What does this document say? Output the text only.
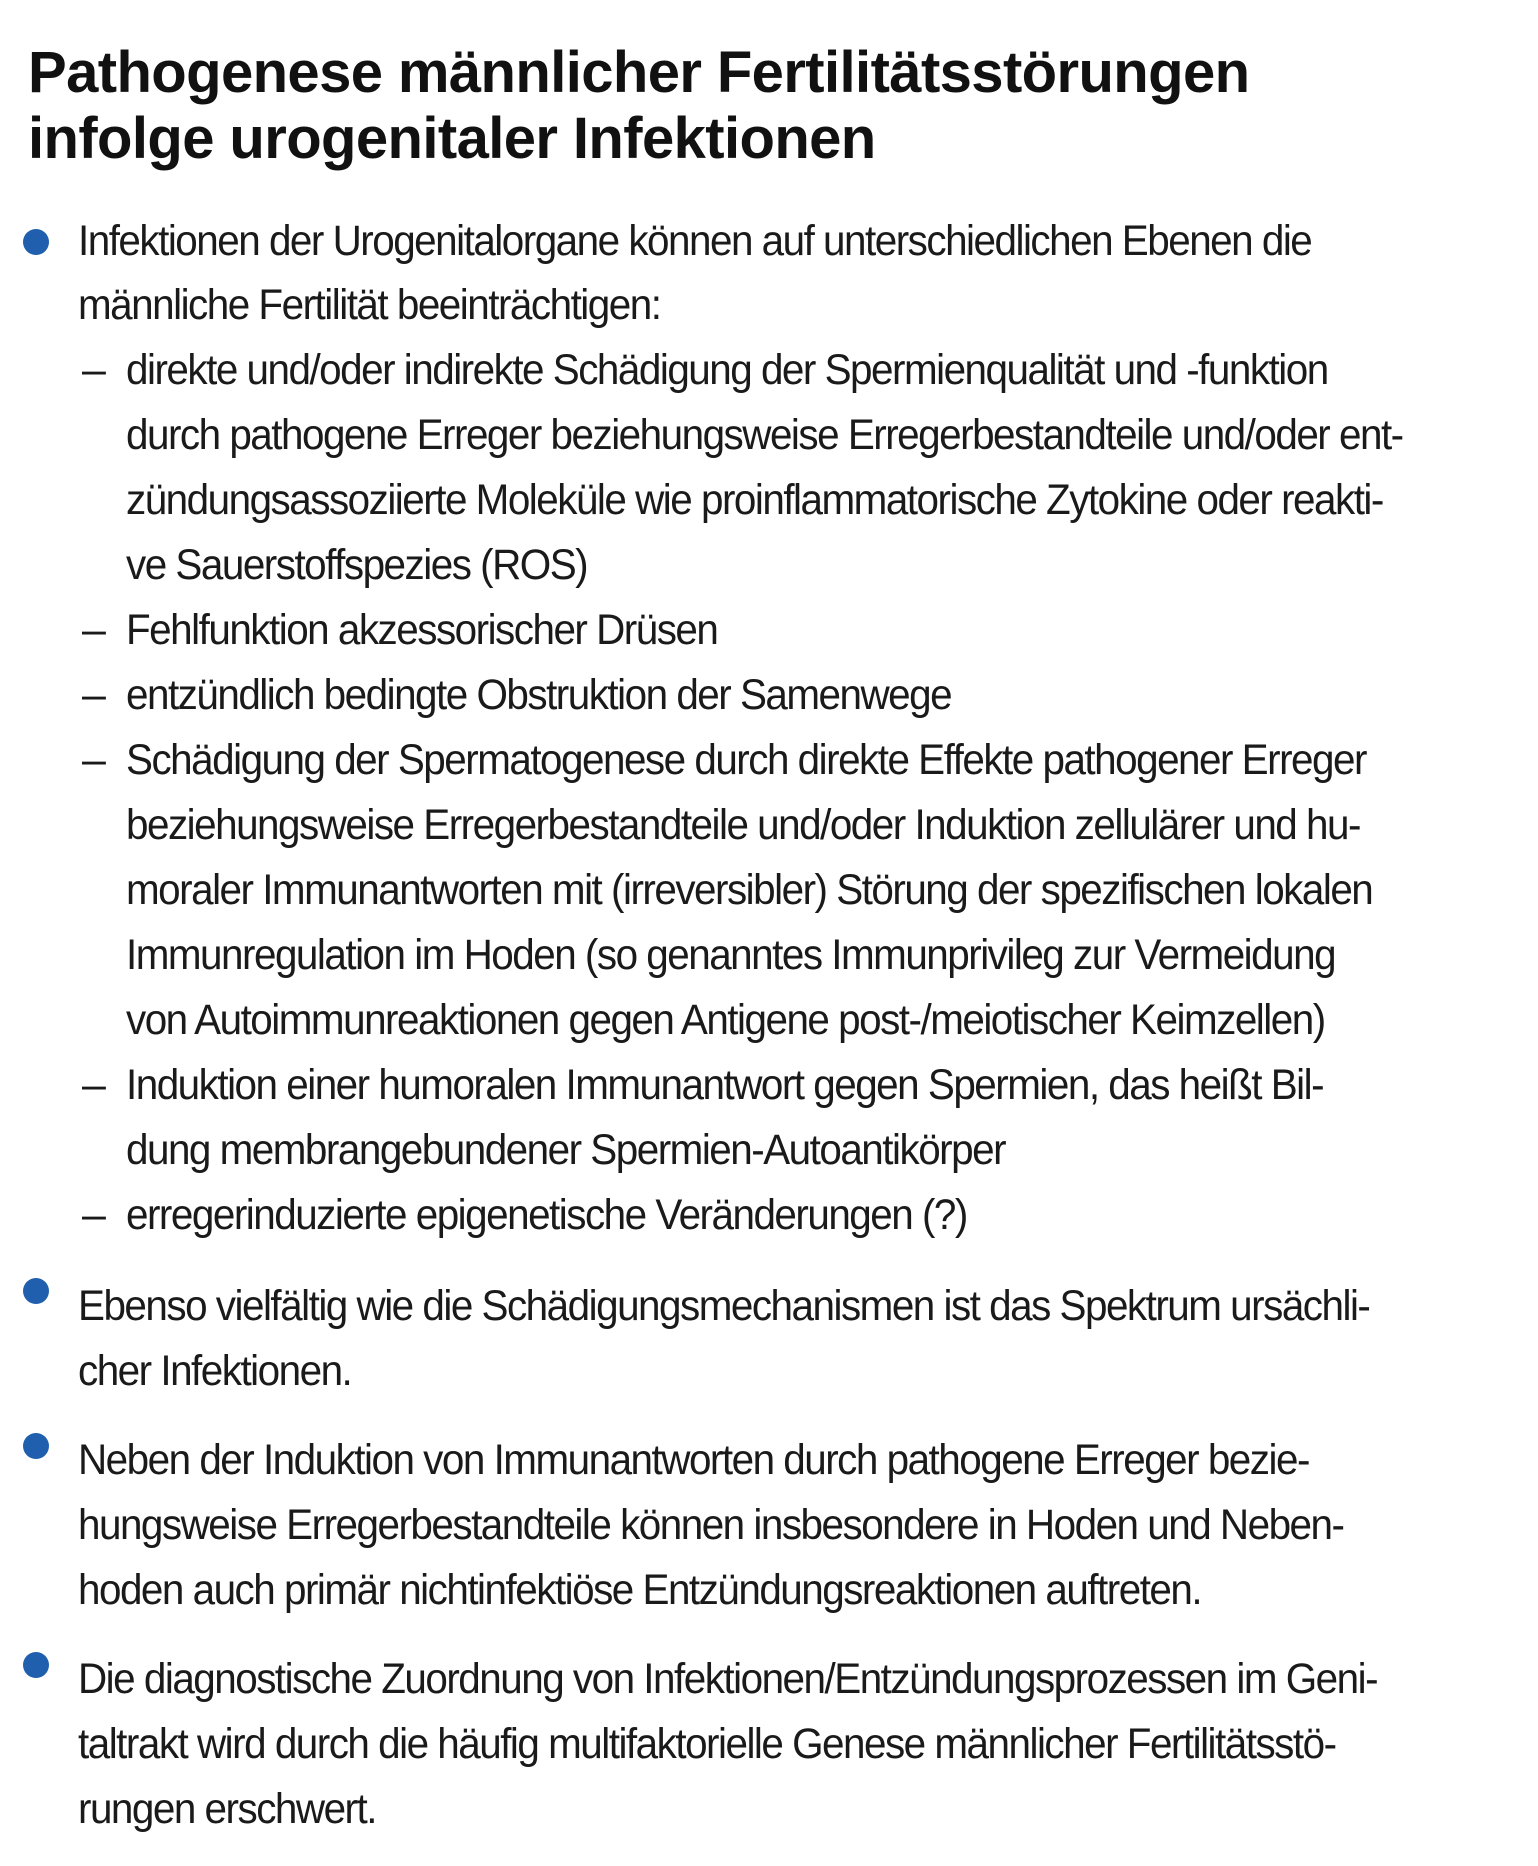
Pathogenese männlicher Fertilitätsstörungen
infolge urogenitaler Infektionen
Infektionen der Urogenitalorgane können auf unterschiedlichen Ebenen die
männliche Fertilität beeinträchtigen:
– direkte und/oder indirekte Schädigung der Spermienqualität und -funktion
durch pathogene Erreger beziehungsweise Erregerbestandteile und/oder ent-
zündungsassoziierte Moleküle wie proinflammatorische Zytokine oder reakti-
ve Sauerstoffspezies (ROS)
– Fehlfunktion akzessorischer Drüsen
– entzündlich bedingte Obstruktion der Samenwege
– Schädigung der Spermatogenese durch direkte Effekte pathogener Erreger
beziehungsweise Erregerbestandteile und/oder Induktion zellulärer und hu-
moraler Immunantworten mit (irreversibler) Störung der spezifischen lokalen
Immunregulation im Hoden (so genanntes Immunprivileg zur Vermeidung
von Autoimmunreaktionen gegen Antigene post-/meiotischer Keimzellen)
– Induktion einer humoralen Immunantwort gegen Spermien, das heißt Bil-
dung membrangebundener Spermien-Autoantikörper
– erregerinduzierte epigenetische Veränderungen (?)
Ebenso vielfältig wie die Schädigungsmechanismen ist das Spektrum ursächli-
cher Infektionen.
Neben der Induktion von Immunantworten durch pathogene Erreger bezie-
hungsweise Erregerbestandteile können insbesondere in Hoden und Neben-
hoden auch primär nichtinfektiöse Entzündungsreaktionen auftreten.
Die diagnostische Zuordnung von Infektionen/Entzündungsprozessen im Geni-
taltrakt wird durch die häufig multifaktorielle Genese männlicher Fertilitätsstö-
rungen erschwert.
